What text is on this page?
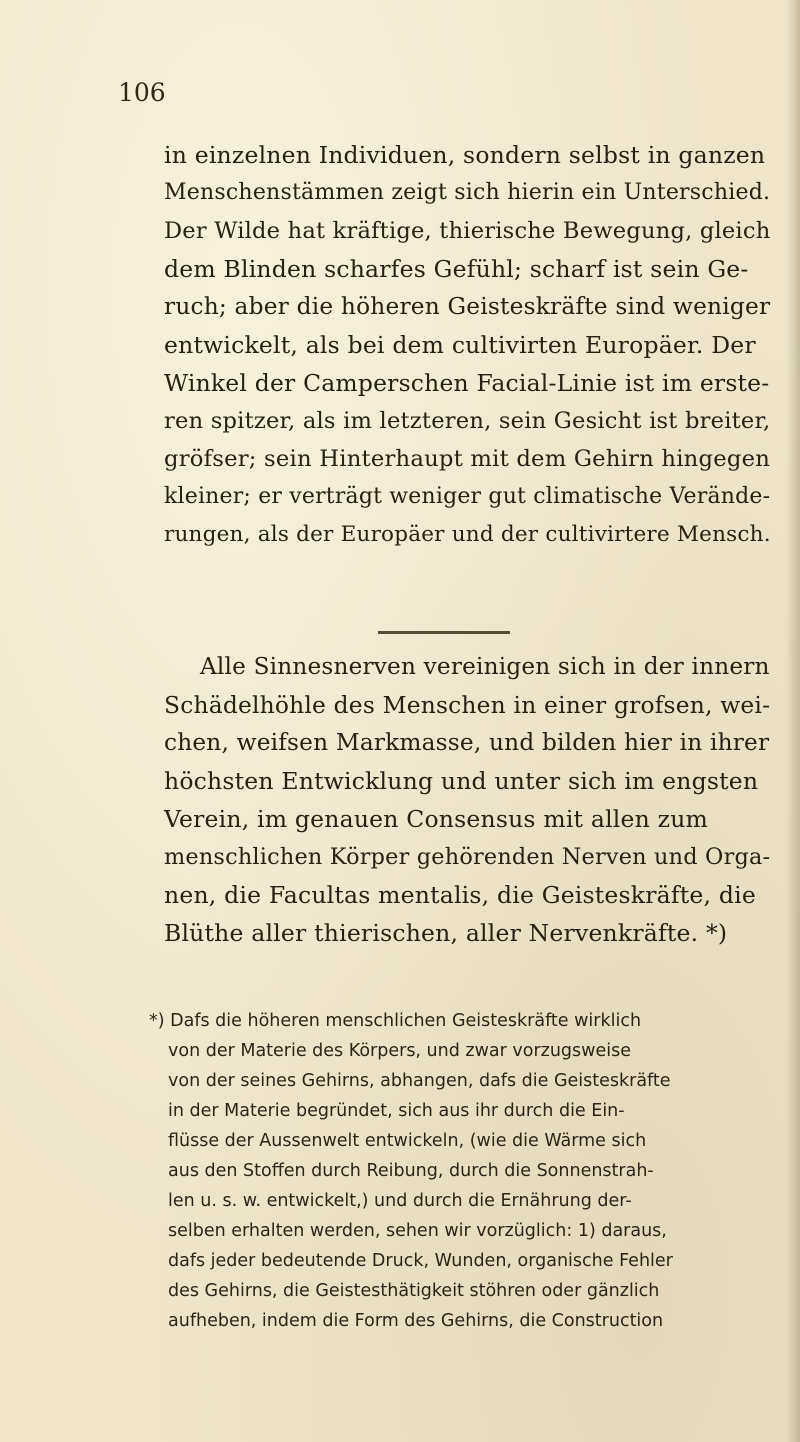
106
in einzelnen Individuen, sondern selbst in ganzen
Menschenstämmen zeigt sich hierin ein Unterschied.
Der Wilde hat kräftige, thierische Bewegung, gleich
dem Blinden scharfes Gefühl; scharf ist sein Ge-
ruch; aber die höheren Geisteskräfte sind weniger
entwickelt, als bei dem cultivirten Europäer. Der
Winkel der Camperschen Facial-Linie ist im erste-
ren spitzer, als im letzteren, sein Gesicht ist breiter,
gröfser; sein Hinterhaupt mit dem Gehirn hingegen
kleiner; er verträgt weniger gut climatische Verände-
rungen, als der Europäer und der cultivirtere Mensch.
Alle Sinnesnerven vereinigen sich in der innern
Schädelhöhle des Menschen in einer grofsen, wei-
chen, weifsen Markmasse, und bilden hier in ihrer
höchsten Entwicklung und unter sich im engsten
Verein, im genauen Consensus mit allen zum
menschlichen Körper gehörenden Nerven und Orga-
nen, die Facultas mentalis, die Geisteskräfte, die
Blüthe aller thierischen, aller Nervenkräfte. *)
*) Dafs die höheren menschlichen Geisteskräfte wirklich
von der Materie des Körpers, und zwar vorzugsweise
von der seines Gehirns, abhangen, dafs die Geisteskräfte
in der Materie begründet, sich aus ihr durch die Ein-
flüsse der Aussenwelt entwickeln, (wie die Wärme sich
aus den Stoffen durch Reibung, durch die Sonnenstrah-
len u. s. w. entwickelt,) und durch die Ernährung der-
selben erhalten werden, sehen wir vorzüglich: 1) daraus,
dafs jeder bedeutende Druck, Wunden, organische Fehler
des Gehirns, die Geistesthätigkeit stöhren oder gänzlich
aufheben, indem die Form des Gehirns, die Construction
